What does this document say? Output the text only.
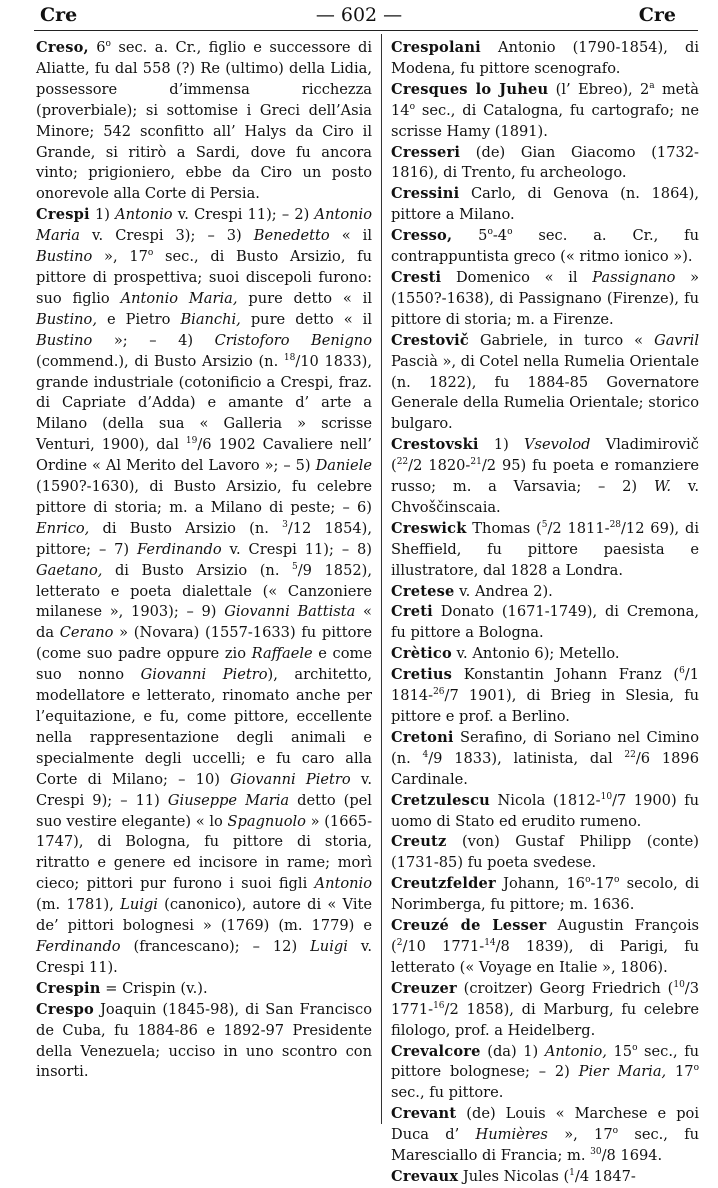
Cre	— 602 —	Cre

Creso, 6$^o$ sec. a. Cr., figlio e successore di Aliatte, fu dal 558 (?) Re (ultimo) della Lidia, possessore d’immensa ricchezza (proverbiale); si sottomise i Greci dell’Asia Minore; 542 sconfitto all’ Halys da Ciro il Grande, si ritirò a Sardi, dove fu ancora vinto; prigioniero, ebbe da Ciro un posto onorevole alla Corte di Persia.

Crespi 1) Antonio v. Crespi 11); – 2) Antonio Maria v. Crespi 3); – 3) Benedetto « il Bustino », 17$^o$ sec., di Busto Arsizio, fu pittore di prospettiva; suoi discepoli furono: suo figlio Antonio Maria, pure detto « il Bustino, e Pietro Bianchi, pure detto « il Bustino »; – 4) Cristoforo Benigno (commend.), di Busto Arsizio (n. $^{18}$/10 1833), grande industriale (cotonificio a Crespi, fraz. di Capriate d’Adda) e amante d’ arte a Milano (della sua « Galleria » scrisse Venturi, 1900), dal $^{19}$/6 1902 Cavaliere nell’ Ordine « Al Merito del Lavoro »; – 5) Daniele (1590?-1630), di Busto Arsizio, fu celebre pittore di storia; m. a Milano di peste; – 6) Enrico, di Busto Arsizio (n. $^3$/12 1854), pittore; – 7) Ferdinando v. Crespi 11); – 8) Gaetano, di Busto Arsizio (n. $^5$/9 1852), letterato e poeta dialettale (« Canzoniere milanese », 1903); – 9) Giovanni Battista « da Cerano » (Novara) (1557-1633) fu pittore (come suo padre oppure zio Raffaele e come suo nonno Giovanni Pietro), architetto, modellatore e letterato, rinomato anche per l’equitazione, e fu, come pittore, eccellente nella rappresentazione degli animali e specialmente degli uccelli; e fu caro alla Corte di Milano; – 10) Giovanni Pietro v. Crespi 9); – 11) Giuseppe Maria detto (pel suo vestire elegante) « lo Spagnuolo » (1665-1747), di Bologna, fu pittore di storia, ritratto e genere ed incisore in rame; morì cieco; pittori pur furono i suoi figli Antonio (m. 1781), Luigi (canonico), autore di « Vite de’ pittori bolognesi » (1769) (m. 1779) e Ferdinando (francescano); – 12) Luigi v. Crespi 11).

Crespin = Crispin (v.).

Crespo Joaquin (1845-98), di San Francisco de Cuba, fu 1884-86 e 1892-97 Presidente della Venezuela; ucciso in uno scontro con insorti.

Crespolani Antonio (1790-1854), di Modena, fu pittore scenografo.

Cresques lo Juheu (l’ Ebreo), 2$^a$ metà 14$^o$ sec., di Catalogna, fu cartografo; ne scrisse Hamy (1891).

Cresseri (de) Gian Giacomo (1732-1816), di Trento, fu archeologo.

Cressini Carlo, di Genova (n. 1864), pittore a Milano.

Cresso, 5$^o$-4$^o$ sec. a. Cr., fu contrappuntista greco (« ritmo ionico »).

Cresti Domenico « il Passignano » (1550?-1638), di Passignano (Firenze), fu pittore di storia; m. a Firenze.

Crestovič Gabriele, in turco « Gavril Pascià », di Cotel nella Rumelia Orientale (n. 1822), fu 1884-85 Governatore Generale della Rumelia Orientale; storico bulgaro.

Crestovski 1) Vsevolod Vladimirovič ($^{22}$/2 1820-$^{21}$/2 95) fu poeta e romanziere russo; m. a Varsavia; – 2) W. v. Chvoščinscaia.

Creswick Thomas ($^5$/2 1811-$^{28}$/12 69), di Sheffield, fu pittore paesista e illustratore, dal 1828 a Londra.

Cretese v. Andrea 2).

Creti Donato (1671-1749), di Cremona, fu pittore a Bologna.

Crètico v. Antonio 6); Metello.

Cretius Konstantin Johann Franz ($^6$/1 1814-$^{26}$/7 1901), di Brieg in Slesia, fu pittore e prof. a Berlino.

Cretoni Serafino, di Soriano nel Cimino (n. $^4$/9 1833), latinista, dal $^{22}$/6 1896 Cardinale.

Cretzulescu Nicola (1812-$^{10}$/7 1900) fu uomo di Stato ed erudito rumeno.

Creutz (von) Gustaf Philipp (conte) (1731-85) fu poeta svedese.

Creutzfelder Johann, 16$^o$-17$^o$ secolo, di Norimberga, fu pittore; m. 1636.

Creuzé de Lesser Augustin François ($^2$/10 1771-$^{14}$/8 1839), di Parigi, fu letterato (« Voyage en Italie », 1806).

Creuzer (croitzer) Georg Friedrich ($^{10}$/3 1771-$^{16}$/2 1858), di Marburg, fu celebre filologo, prof. a Heidelberg.

Crevalcore (da) 1) Antonio, 15$^o$ sec., fu pittore bolognese; – 2) Pier Maria, 17$^o$ sec., fu pittore.

Crevant (de) Louis « Marchese e poi Duca d’ Humières », 17$^o$ sec., fu Maresciallo di Francia; m. $^{30}$/8 1694.

Crevaux Jules Nicolas ($^1$/4 1847-
